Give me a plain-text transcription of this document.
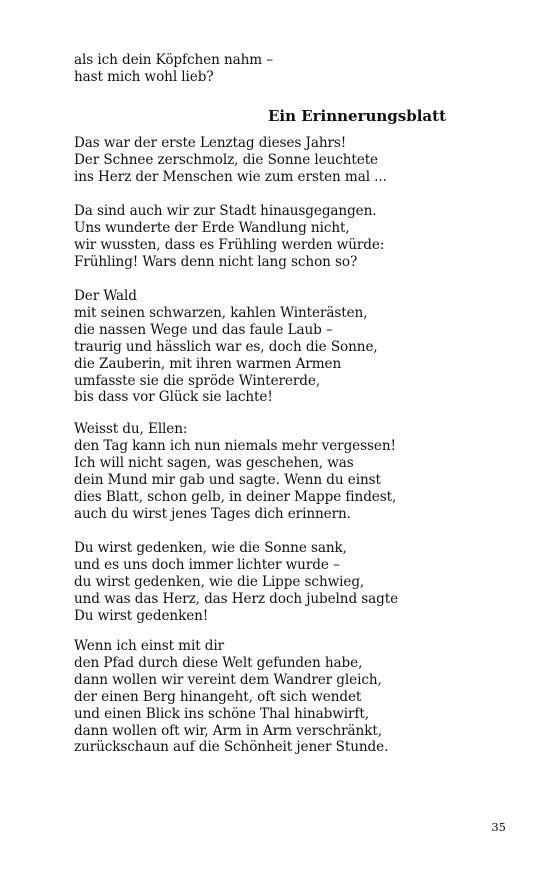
als ich dein Köpfchen nahm –
hast mich wohl lieb?

Ein Erinnerungsblatt

Das war der erste Lenztag dieses Jahrs!
Der Schnee zerschmolz, die Sonne leuchtete
ins Herz der Menschen wie zum ersten mal ...

Da sind auch wir zur Stadt hinausgegangen.
Uns wunderte der Erde Wandlung nicht,
wir wussten, dass es Frühling werden würde:
Frühling! Wars denn nicht lang schon so?

Der Wald
mit seinen schwarzen, kahlen Winterästen,
die nassen Wege und das faule Laub –
traurig und hässlich war es, doch die Sonne,
die Zauberin, mit ihren warmen Armen
umfasste sie die spröde Wintererde,
bis dass vor Glück sie lachte!

Weisst du, Ellen:
den Tag kann ich nun niemals mehr vergessen!
Ich will nicht sagen, was geschehen, was
dein Mund mir gab und sagte. Wenn du einst
dies Blatt, schon gelb, in deiner Mappe findest,
auch du wirst jenes Tages dich erinnern.

Du wirst gedenken, wie die Sonne sank,
und es uns doch immer lichter wurde –
du wirst gedenken, wie die Lippe schwieg,
und was das Herz, das Herz doch jubelnd sagte
Du wirst gedenken!

Wenn ich einst mit dir
den Pfad durch diese Welt gefunden habe,
dann wollen wir vereint dem Wandrer gleich,
der einen Berg hinangeht, oft sich wendet
und einen Blick ins schöne Thal hinabwirft,
dann wollen oft wir, Arm in Arm verschränkt,
zurückschaun auf die Schönheit jener Stunde.

35
